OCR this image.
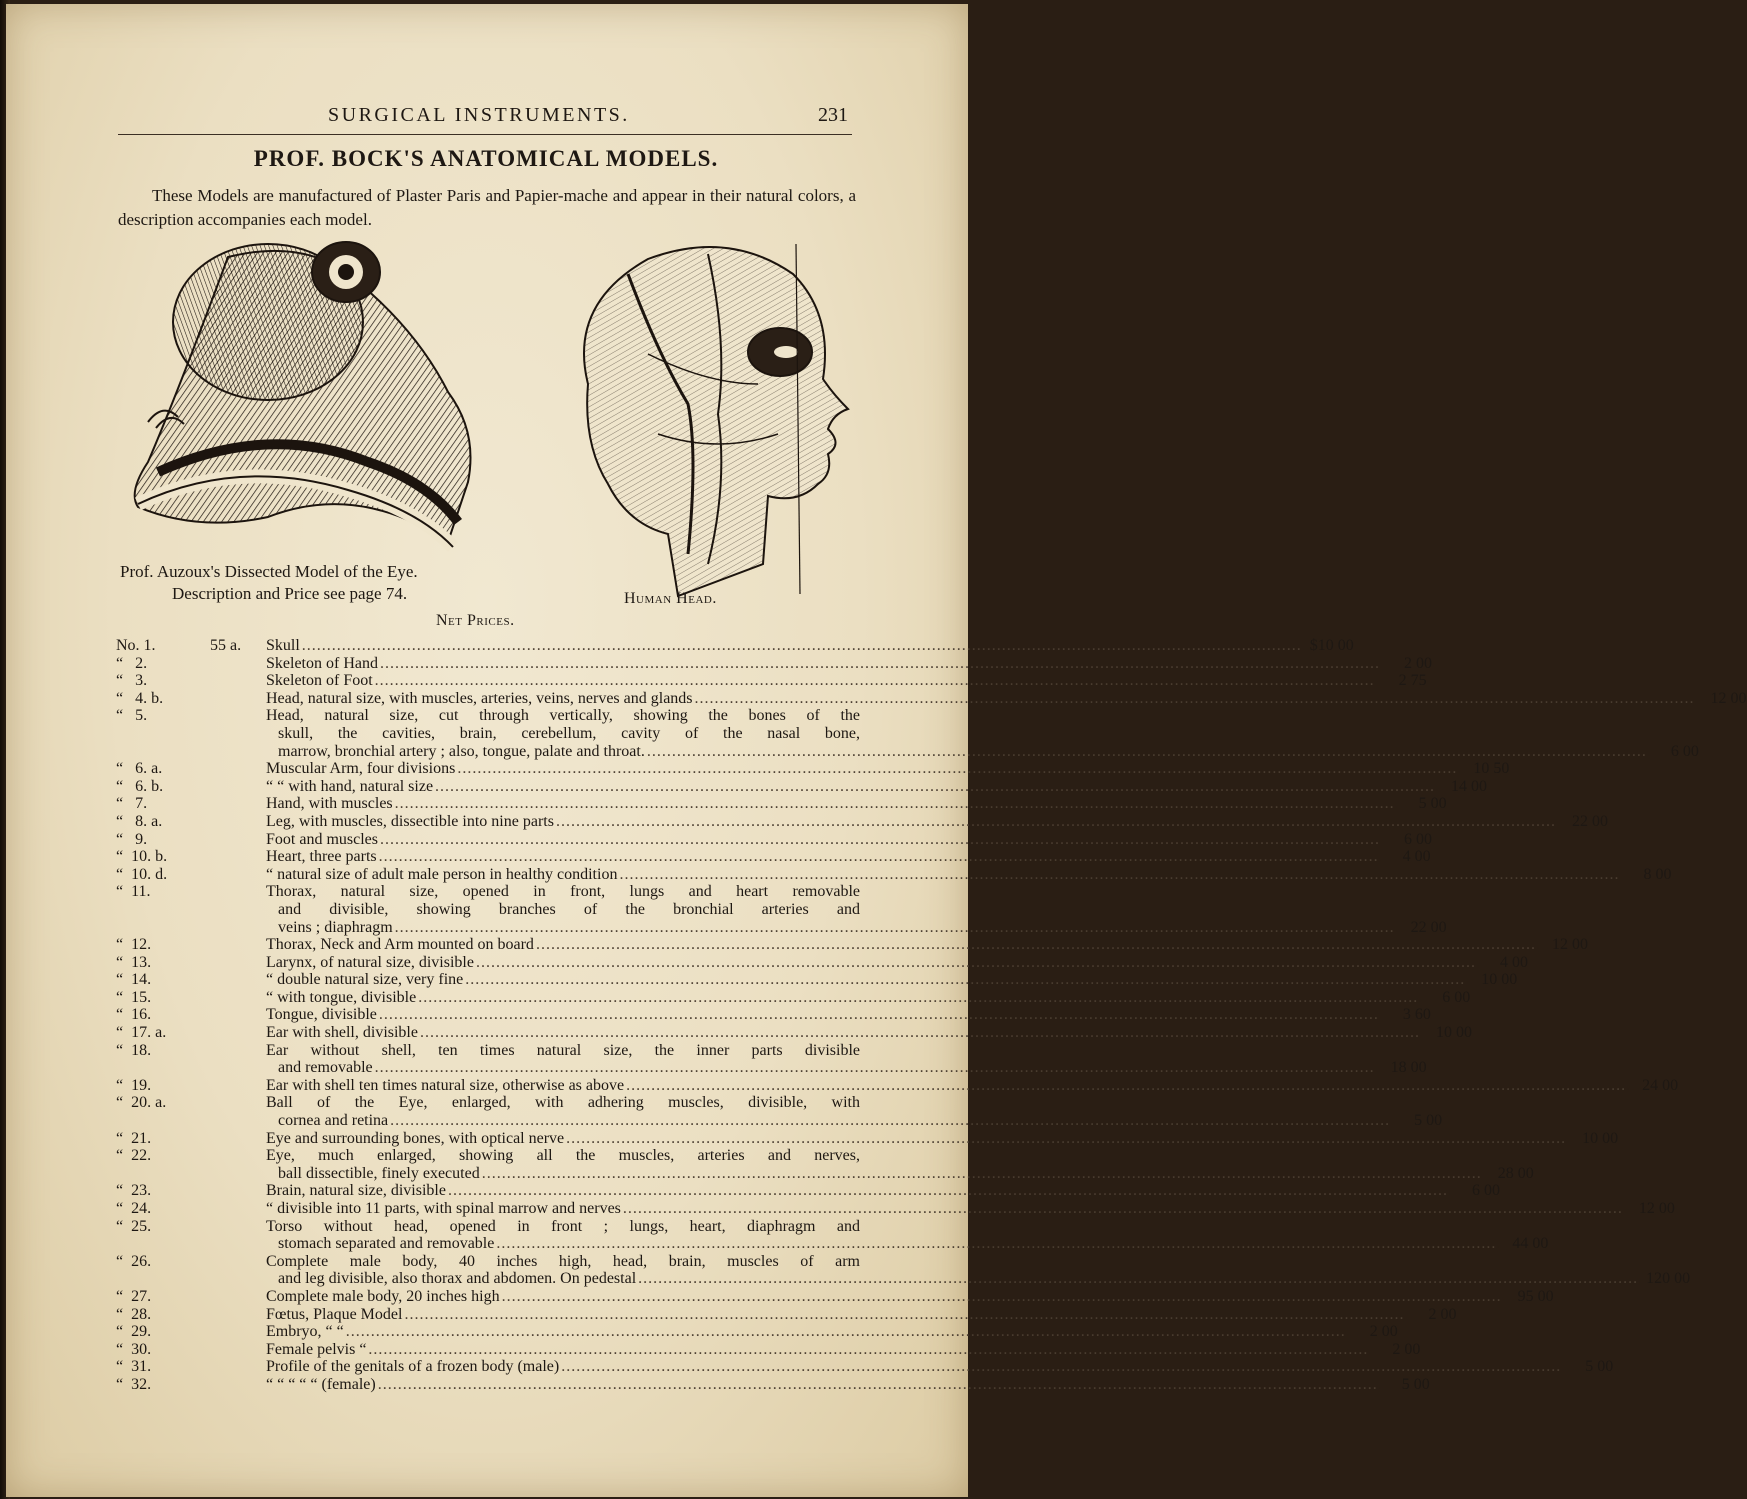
SURGICAL INSTRUMENTS.	231
PROF. BOCK'S ANATOMICAL MODELS.
These Models are manufactured of Plaster Paris and Papier-mache and appear in their natural colors, a description accompanies each model.
Prof. Auzoux's Dissected Model of the Eye.
Description and Price see page 74.	Human Head.
Net Prices.
No. 1.	55 a. Skull .....	$10 00
“   2.	Skeleton of Hand .....	2 00
“   3.	Skeleton of Foot .....	2 75
“   4. b.	Head, natural size, with muscles, arteries, veins, nerves and glands .....	12 00
“   5.	Head, natural size, cut through vertically, showing the bones of the
skull, the cavities, brain, cerebellum, cavity of the nasal bone,
marrow, bronchial artery ; also, tongue, palate and throat. .....	6 00
“   6. a.	Muscular Arm, four divisions .....	10 50
“   6. b.	“ “ with hand, natural size .....	14 00
“   7.	Hand, with muscles .....	5 00
“   8. a.	Leg, with muscles, dissectible into nine parts .....	22 00
“   9.	Foot and muscles .....	6 00
“  10. b.	Heart, three parts .....	4 00
“  10. d.	“ natural size of adult male person in healthy condition .....	8 00
“  11.	Thorax, natural size, opened in front, lungs and heart removable
and divisible, showing branches of the bronchial arteries and
veins ; diaphragm .....	22 00
“  12.	Thorax, Neck and Arm mounted on board .....	12 00
“  13.	Larynx, of natural size, divisible .....	4 00
“  14.	“ double natural size, very fine .....	10 00
“  15.	“ with tongue, divisible .....	6 00
“  16.	Tongue, divisible .....	3 60
“  17. a.	Ear with shell, divisible .....	10 00
“  18.	Ear without shell, ten times natural size, the inner parts divisible
and removable .....	18 00
“  19.	Ear with shell ten times natural size, otherwise as above .....	24 00
“  20. a.	Ball of the Eye, enlarged, with adhering muscles, divisible, with
cornea and retina .....	5 00
“  21.	Eye and surrounding bones, with optical nerve .....	10 00
“  22.	Eye, much enlarged, showing all the muscles, arteries and nerves,
ball dissectible, finely executed .....	28 00
“  23.	Brain, natural size, divisible .....	6 00
“  24.	“ divisible into 11 parts, with spinal marrow and nerves .....	12 00
“  25.	Torso without head, opened in front ; lungs, heart, diaphragm and
stomach separated and removable .....	44 00
“  26.	Complete male body, 40 inches high, head, brain, muscles of arm
and leg divisible, also thorax and abdomen. On pedestal .....	120 00
“  27.	Complete male body, 20 inches high .....	95 00
“  28.	Fœtus, Plaque Model .....	2 00
“  29.	Embryo, “ “ .....	2 00
“  30.	Female pelvis “ .....	2 00
“  31.	Profile of the genitals of a frozen body (male) .....	5 00
“  32.	“ “ “ “ “ (female) .....	5 00
